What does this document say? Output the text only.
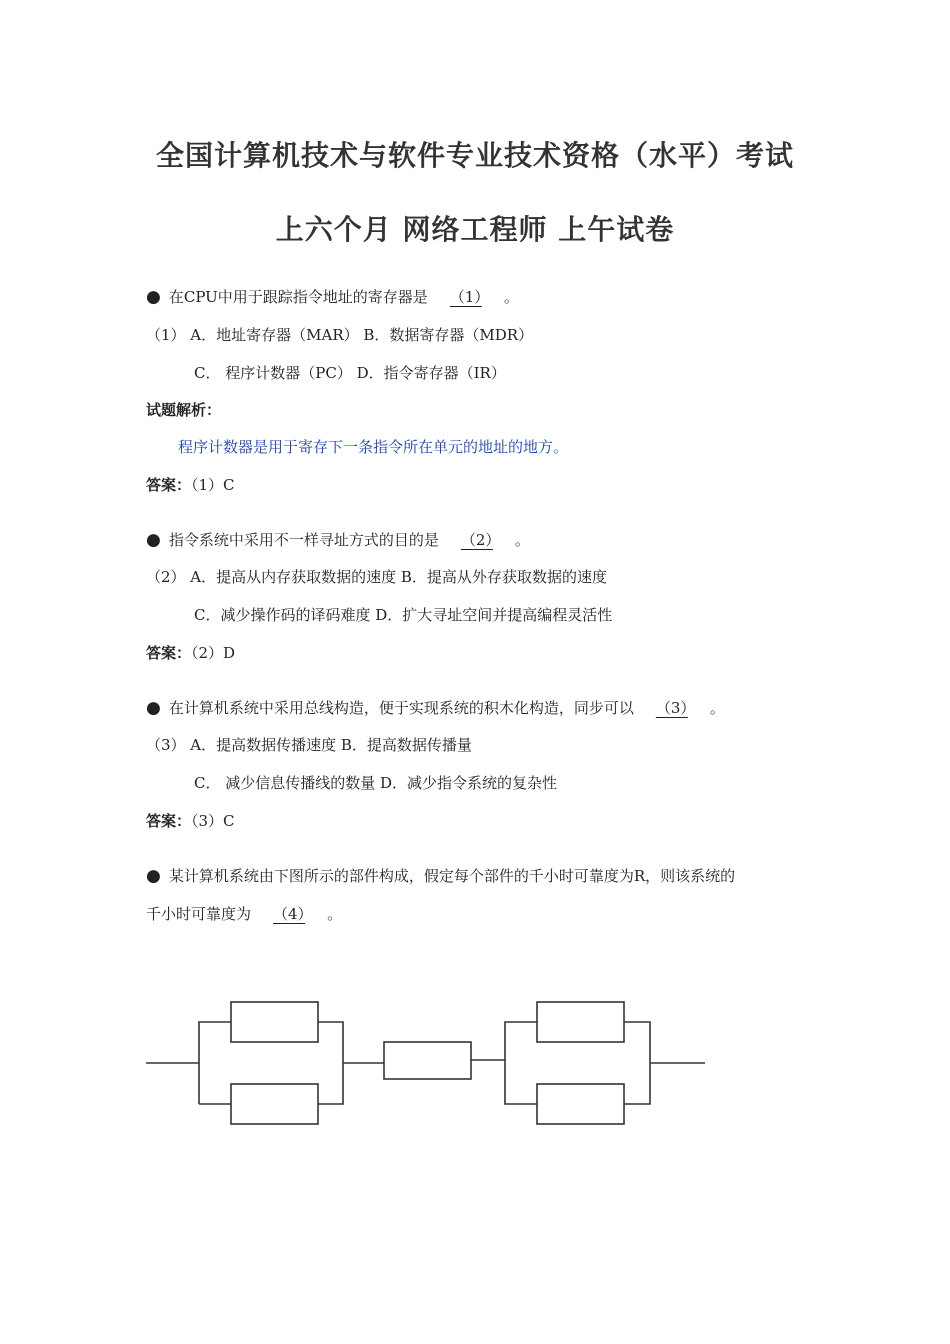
全国计算机技术与软件专业技术资格（水平）考试
上六个月 网络工程师 上午试卷
● 在CPU中用于跟踪指令地址的寄存器是 （1） 。
（1） A．地址寄存器（MAR） B．数据寄存器（MDR）
C． 程序计数器（PC） D．指令寄存器（IR）
试题解析：
程序计数器是用于寄存下一条指令所在单元的地址的地方。
答案：（1）C
● 指令系统中采用不一样寻址方式的目的是 （2） 。
（2） A．提高从内存获取数据的速度 B．提高从外存获取数据的速度
C．减少操作码的译码难度 D．扩大寻址空间并提高编程灵活性
答案：（2）D
● 在计算机系统中采用总线构造，便于实现系统的积木化构造，同步可以 （3） 。
（3） A．提高数据传播速度 B．提高数据传播量
C． 减少信息传播线的数量 D．减少指令系统的复杂性
答案：（3）C
● 某计算机系统由下图所示的部件构成，假定每个部件的千小时可靠度为R，则该系统的
千小时可靠度为 （4） 。
